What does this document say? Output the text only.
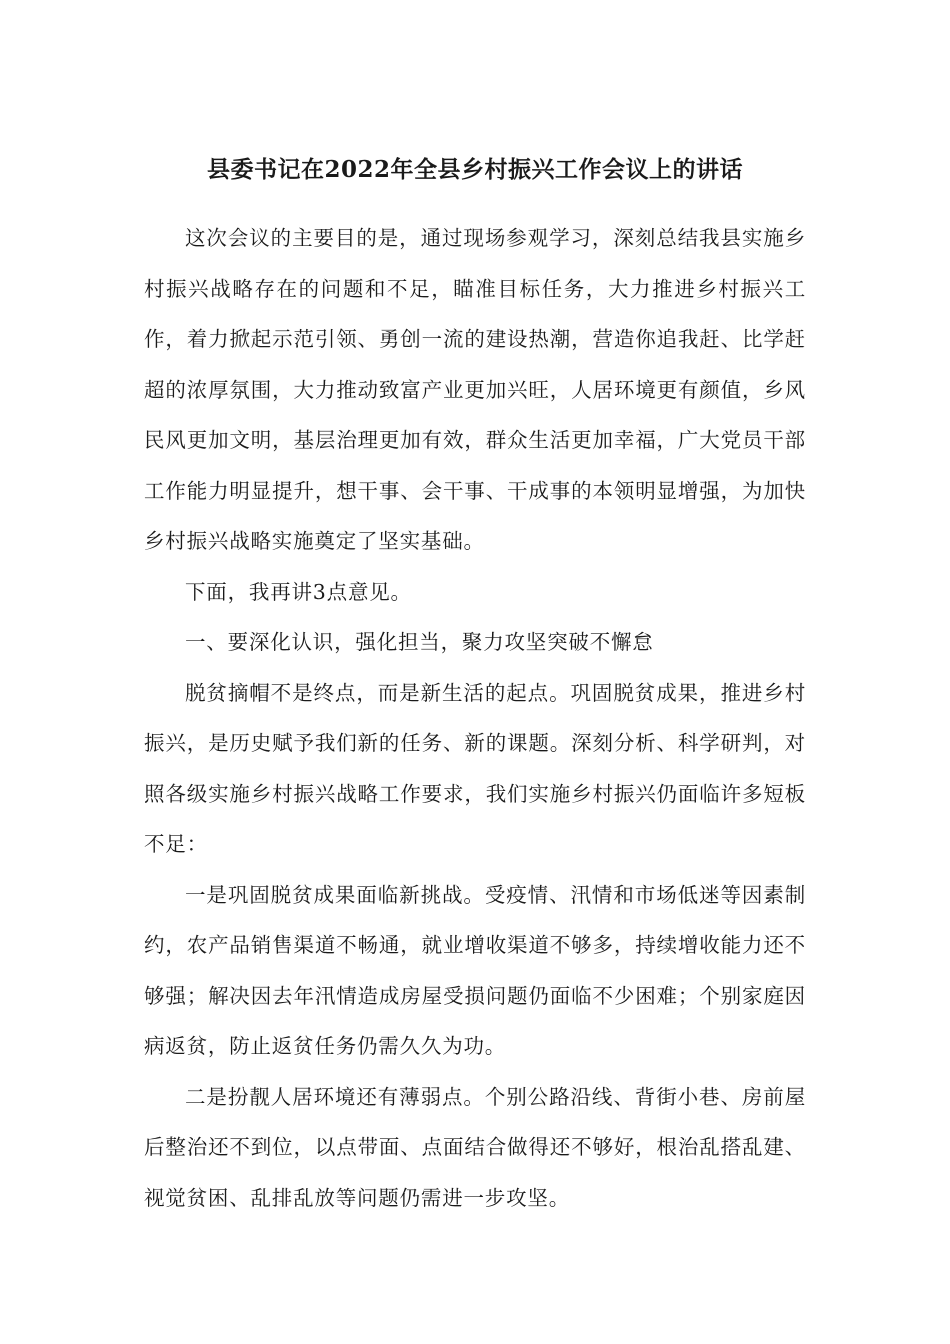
县委书记在2022年全县乡村振兴工作会议上的讲话

这次会议的主要目的是，通过现场参观学习，深刻总结我县实施乡村振兴战略存在的问题和不足，瞄准目标任务，大力推进乡村振兴工作，着力掀起示范引领、勇创一流的建设热潮，营造你追我赶、比学赶超的浓厚氛围，大力推动致富产业更加兴旺，人居环境更有颜值，乡风民风更加文明，基层治理更加有效，群众生活更加幸福，广大党员干部工作能力明显提升，想干事、会干事、干成事的本领明显增强，为加快乡村振兴战略实施奠定了坚实基础。

下面，我再讲3点意见。

一、要深化认识，强化担当，聚力攻坚突破不懈怠

脱贫摘帽不是终点，而是新生活的起点。巩固脱贫成果，推进乡村振兴，是历史赋予我们新的任务、新的课题。深刻分析、科学研判，对照各级实施乡村振兴战略工作要求，我们实施乡村振兴仍面临许多短板不足：

一是巩固脱贫成果面临新挑战。受疫情、汛情和市场低迷等因素制约，农产品销售渠道不畅通，就业增收渠道不够多，持续增收能力还不够强；解决因去年汛情造成房屋受损问题仍面临不少困难；个别家庭因病返贫，防止返贫任务仍需久久为功。

二是扮靓人居环境还有薄弱点。个别公路沿线、背街小巷、房前屋后整治还不到位，以点带面、点面结合做得还不够好，根治乱搭乱建、视觉贫困、乱排乱放等问题仍需进一步攻坚。
